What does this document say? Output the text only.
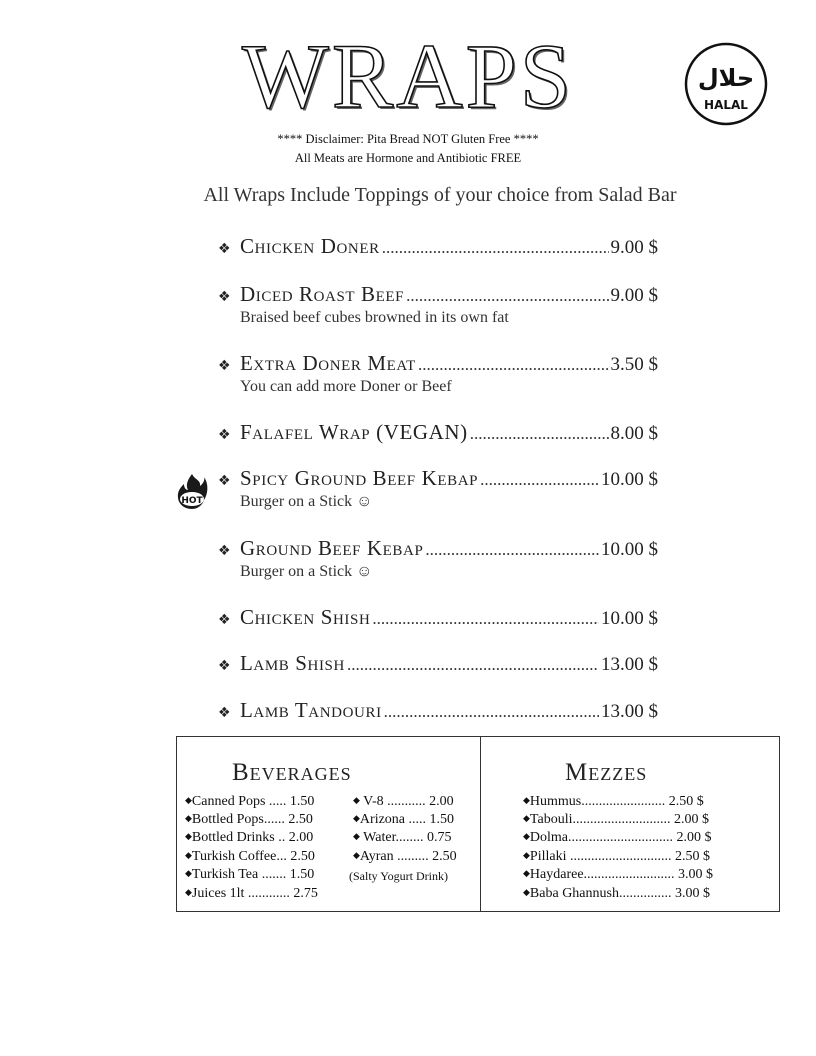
WRAPS	حلال
HALAL
**** Disclaimer: Pita Bread NOT Gluten Free ****
All Meats are Hormone and Antibiotic FREE
All Wraps Include Toppings of your choice from Salad Bar
HOT
❖ Chicken Doner .....	9.00 $
❖ Diced Roast Beef .....	9.00 $
Braised beef cubes browned in its own fat
❖ Extra Doner Meat .....	3.50 $
You can add more Doner or Beef
❖ Falafel Wrap (VEGAN) .....	8.00 $
❖ Spicy Ground Beef Kebap .....	10.00 $
Burger on a Stick ☺
❖ Ground Beef Kebap .....	10.00 $
Burger on a Stick ☺
❖ Chicken Shish .....	10.00 $
❖ Lamb Shish .....	13.00 $
❖ Lamb Tandouri .....	13.00 $
Beverages
◆Canned Pops ..... 1.50
◆Bottled Pops...... 2.50
◆Bottled Drinks .. 2.00
◆Turkish Coffee... 2.50
◆Turkish Tea ....... 1.50
◆Juices 1lt ............ 2.75
◆ V-8 ........... 2.00
◆Arizona ..... 1.50
◆ Water........ 0.75
◆Ayran ......... 2.50
(Salty Yogurt Drink)
Mezzes
◆Hummus........................ 2.50 $
◆Tabouli............................ 2.00 $
◆Dolma.............................. 2.00 $
◆Pillaki ............................. 2.50 $
◆Haydaree.......................... 3.00 $
◆Baba Ghannush............... 3.00 $
